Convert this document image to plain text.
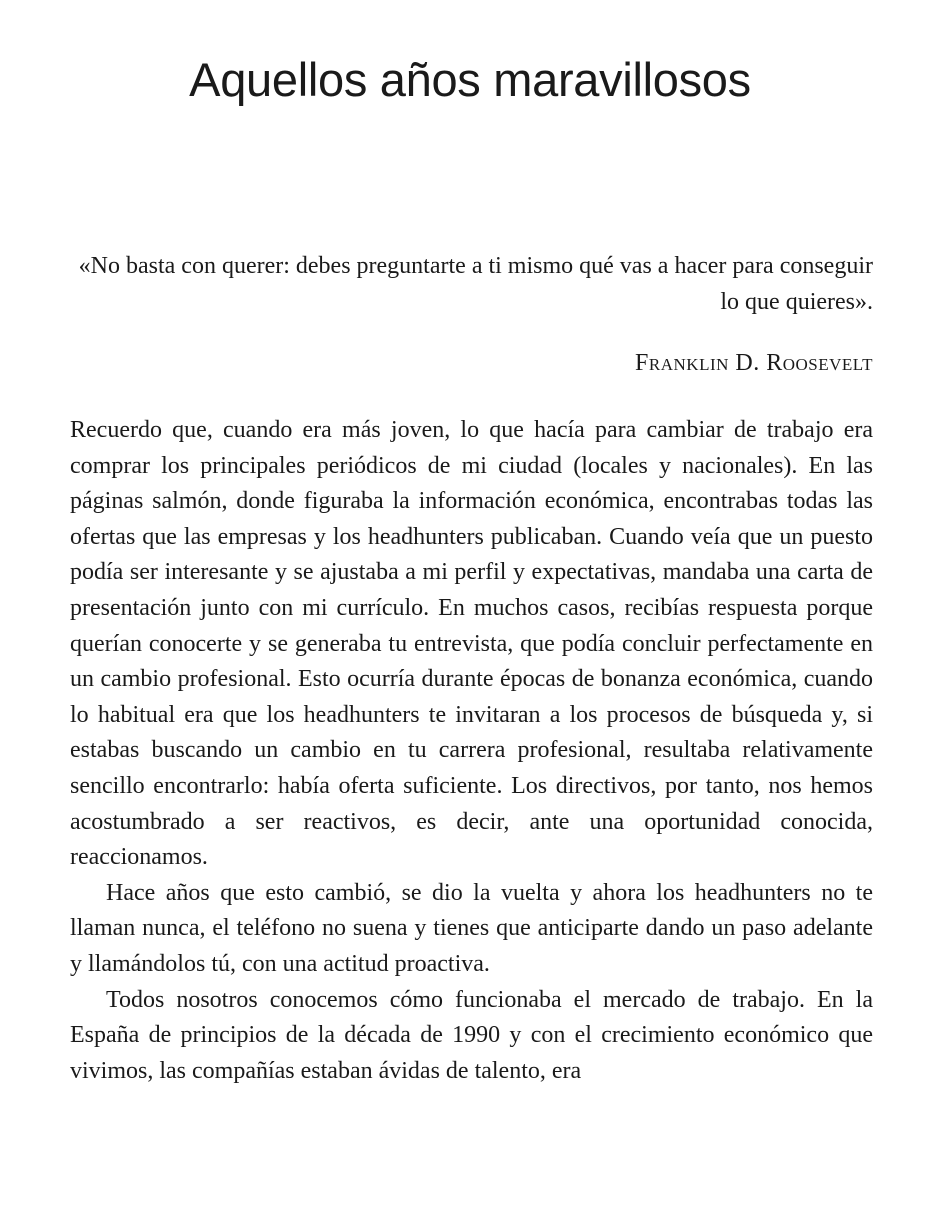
Aquellos años maravillosos

«No basta con querer: debes preguntarte a ti mismo qué vas a hacer para conseguir lo que quieres».

Franklin D. Roosevelt

Recuerdo que, cuando era más joven, lo que hacía para cambiar de trabajo era comprar los principales periódicos de mi ciudad (locales y nacionales). En las páginas salmón, donde figuraba la información económica, encontrabas todas las ofertas que las empresas y los headhunters publicaban. Cuando veía que un puesto podía ser interesante y se ajustaba a mi perfil y expectativas, mandaba una carta de presentación junto con mi currículo. En muchos casos, recibías respuesta porque querían conocerte y se generaba tu entrevista, que podía concluir perfectamente en un cambio profesional. Esto ocurría durante épocas de bonanza económica, cuando lo habitual era que los headhunters te invitaran a los procesos de búsqueda y, si estabas buscando un cambio en tu carrera profesional, resultaba relativamente sencillo encontrarlo: había oferta suficiente. Los directivos, por tanto, nos hemos acostumbrado a ser reactivos, es decir, ante una oportunidad conocida, reaccionamos.

Hace años que esto cambió, se dio la vuelta y ahora los headhunters no te llaman nunca, el teléfono no suena y tienes que anticiparte dando un paso adelante y llamándolos tú, con una actitud proactiva.

Todos nosotros conocemos cómo funcionaba el mercado de trabajo. En la España de principios de la década de 1990 y con el crecimiento económico que vivimos, las compañías estaban ávidas de talento, era
